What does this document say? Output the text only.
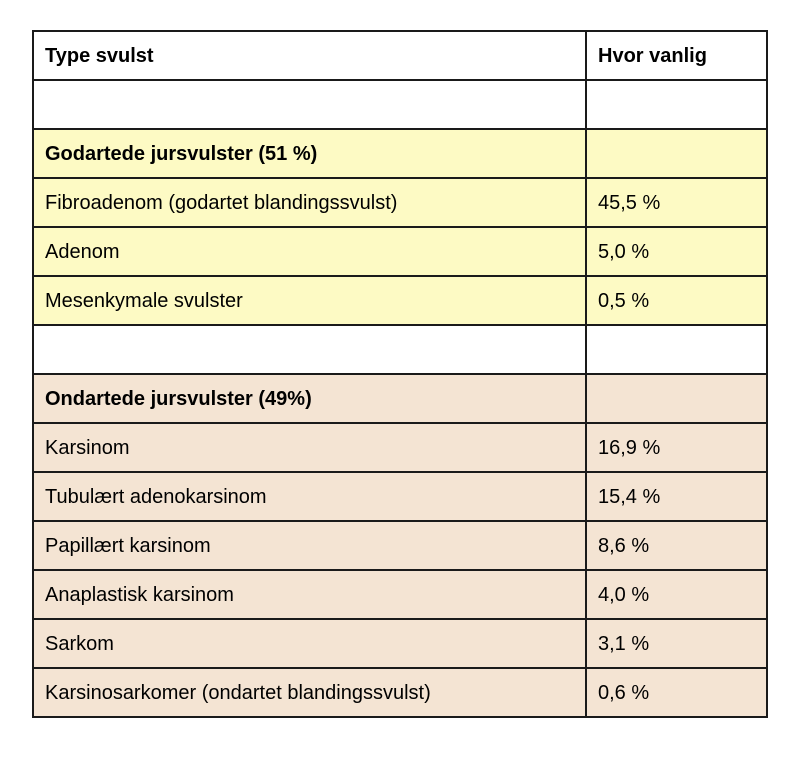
Type svulst	Hvor vanlig

Godartede jursvulster (51 %)	
Fibroadenom (godartet blandingssvulst)	45,5 %
Adenom	5,0 %
Mesenkymale svulster	0,5 %

Ondartede jursvulster (49%)	
Karsinom	16,9 %
Tubulært adenokarsinom	15,4 %
Papillært karsinom	8,6 %
Anaplastisk karsinom	4,0 %
Sarkom	3,1 %
Karsinosarkomer (ondartet blandingssvulst)	0,6 %
